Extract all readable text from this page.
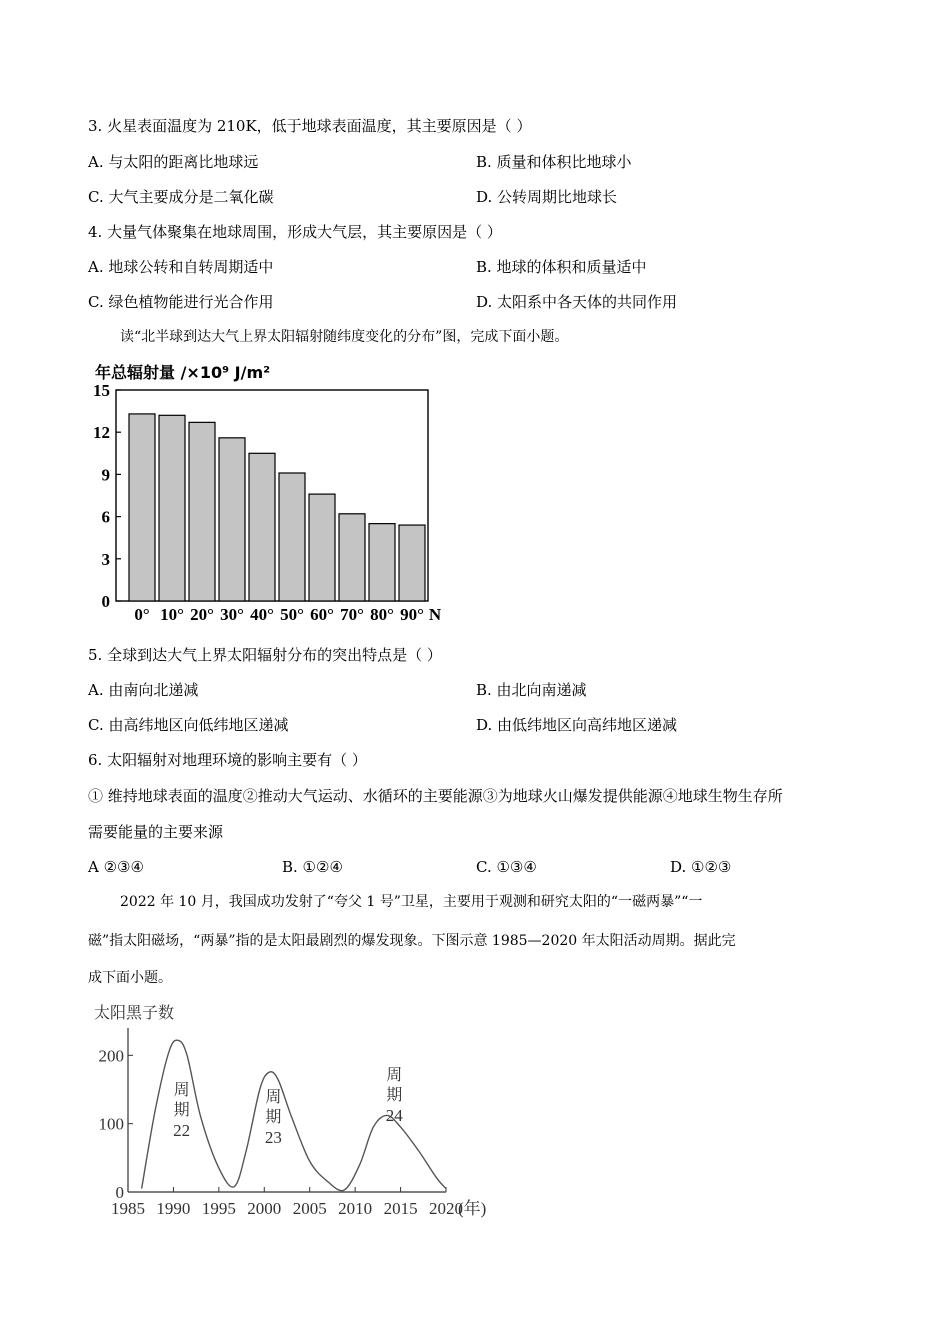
3. 火星表面温度为 210K，低于地球表面温度，其主要原因是（ ）
A. 与太阳的距离比地球远	B. 质量和体积比地球小
C. 大气主要成分是二氧化碳	D. 公转周期比地球长
4. 大量气体聚集在地球周围，形成大气层，其主要原因是（ ）
A. 地球公转和自转周期适中	B. 地球的体积和质量适中
C. 绿色植物能进行光合作用	D. 太阳系中各天体的共同作用
读“北半球到达大气上界太阳辐射随纬度变化的分布”图，完成下面小题。
年总辐射量 /×10⁹ J/m²
0
3
6
9
12
15
0° 10° 20° 30° 40° 50° 60° 70° 80° 90° N
5. 全球到达大气上界太阳辐射分布的突出特点是（ ）
A. 由南向北递减	B. 由北向南递减
C. 由高纬地区向低纬地区递减	D. 由低纬地区向高纬地区递减
6. 太阳辐射对地理环境的影响主要有（ ）
① 维持地球表面的温度②推动大气运动、水循环的主要能源③为地球火山爆发提供能源④地球生物生存所
需要能量的主要来源
A ②③④	B. ①②④	C. ①③④	D. ①②③
2022 年 10 月，我国成功发射了“夸父 1 号”卫星，主要用于观测和研究太阳的“一磁两暴”“一
磁”指太阳磁场，“两暴”指的是太阳最剧烈的爆发现象。下图示意 1985—2020 年太阳活动周期。据此完
成下面小题。
太阳黑子数
0
100
200
1985 1990 1995 2000 2005 2010 2015 2020
(年)
周
期
22
周
期
23
周
期
24
